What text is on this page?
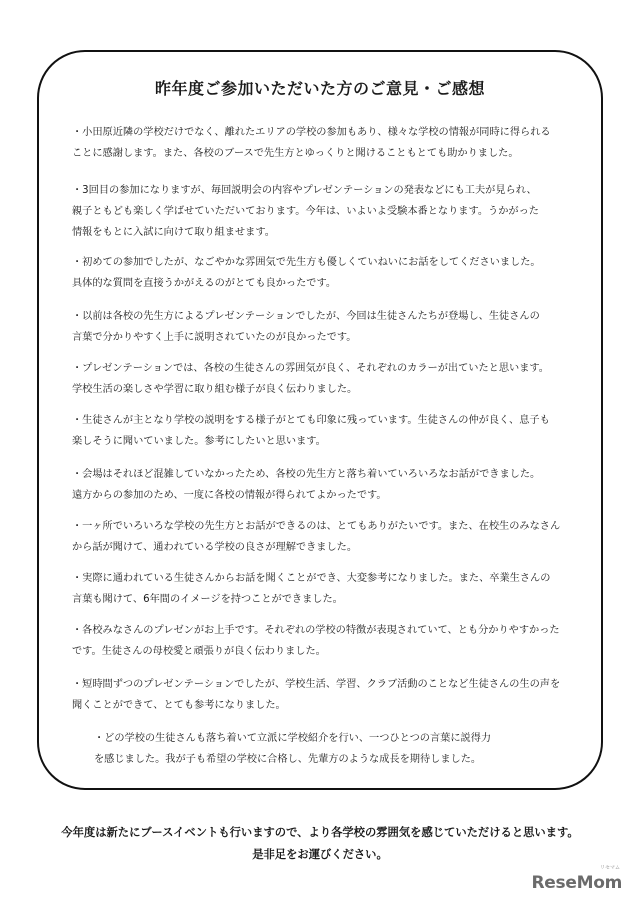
昨年度ご参加いただいた方のご意見・ご感想
・小田原近隣の学校だけでなく、離れたエリアの学校の参加もあり、様々な学校の情報が同時に得られる
ことに感謝します。また、各校のブースで先生方とゆっくりと聞けることもとても助かりました。
・3回目の参加になりますが、毎回説明会の内容やプレゼンテーションの発表などにも工夫が見られ、
親子ともども楽しく学ばせていただいております。今年は、いよいよ受験本番となります。うかがった
情報をもとに入試に向けて取り組ませます。
・初めての参加でしたが、なごやかな雰囲気で先生方も優しくていねいにお話をしてくださいました。
具体的な質問を直接うかがえるのがとても良かったです。
・以前は各校の先生方によるプレゼンテーションでしたが、今回は生徒さんたちが登場し、生徒さんの
言葉で分かりやすく上手に説明されていたのが良かったです。
・プレゼンテーションでは、各校の生徒さんの雰囲気が良く、それぞれのカラーが出ていたと思います。
学校生活の楽しさや学習に取り組む様子が良く伝わりました。
・生徒さんが主となり学校の説明をする様子がとても印象に残っています。生徒さんの仲が良く、息子も
楽しそうに聞いていました。参考にしたいと思います。
・会場はそれほど混雑していなかったため、各校の先生方と落ち着いていろいろなお話ができました。
遠方からの参加のため、一度に各校の情報が得られてよかったです。
・一ヶ所でいろいろな学校の先生方とお話ができるのは、とてもありがたいです。また、在校生のみなさん
から話が聞けて、通われている学校の良さが理解できました。
・実際に通われている生徒さんからお話を聞くことができ、大変参考になりました。また、卒業生さんの
言葉も聞けて、6年間のイメージを持つことができました。
・各校みなさんのプレゼンがお上手です。それぞれの学校の特徴が表現されていて、とも分かりやすかった
です。生徒さんの母校愛と頑張りが良く伝わりました。
・短時間ずつのプレゼンテーションでしたが、学校生活、学習、クラブ活動のことなど生徒さんの生の声を
聞くことができて、とても参考になりました。
・どの学校の生徒さんも落ち着いて立派に学校紹介を行い、一つひとつの言葉に説得力
を感じました。我が子も希望の学校に合格し、先輩方のような成長を期待しました。
今年度は新たにブースイベントも行いますので、より各学校の雰囲気を感じていただけると思います。
是非足をお運びください。
ReseMom
リセマム
